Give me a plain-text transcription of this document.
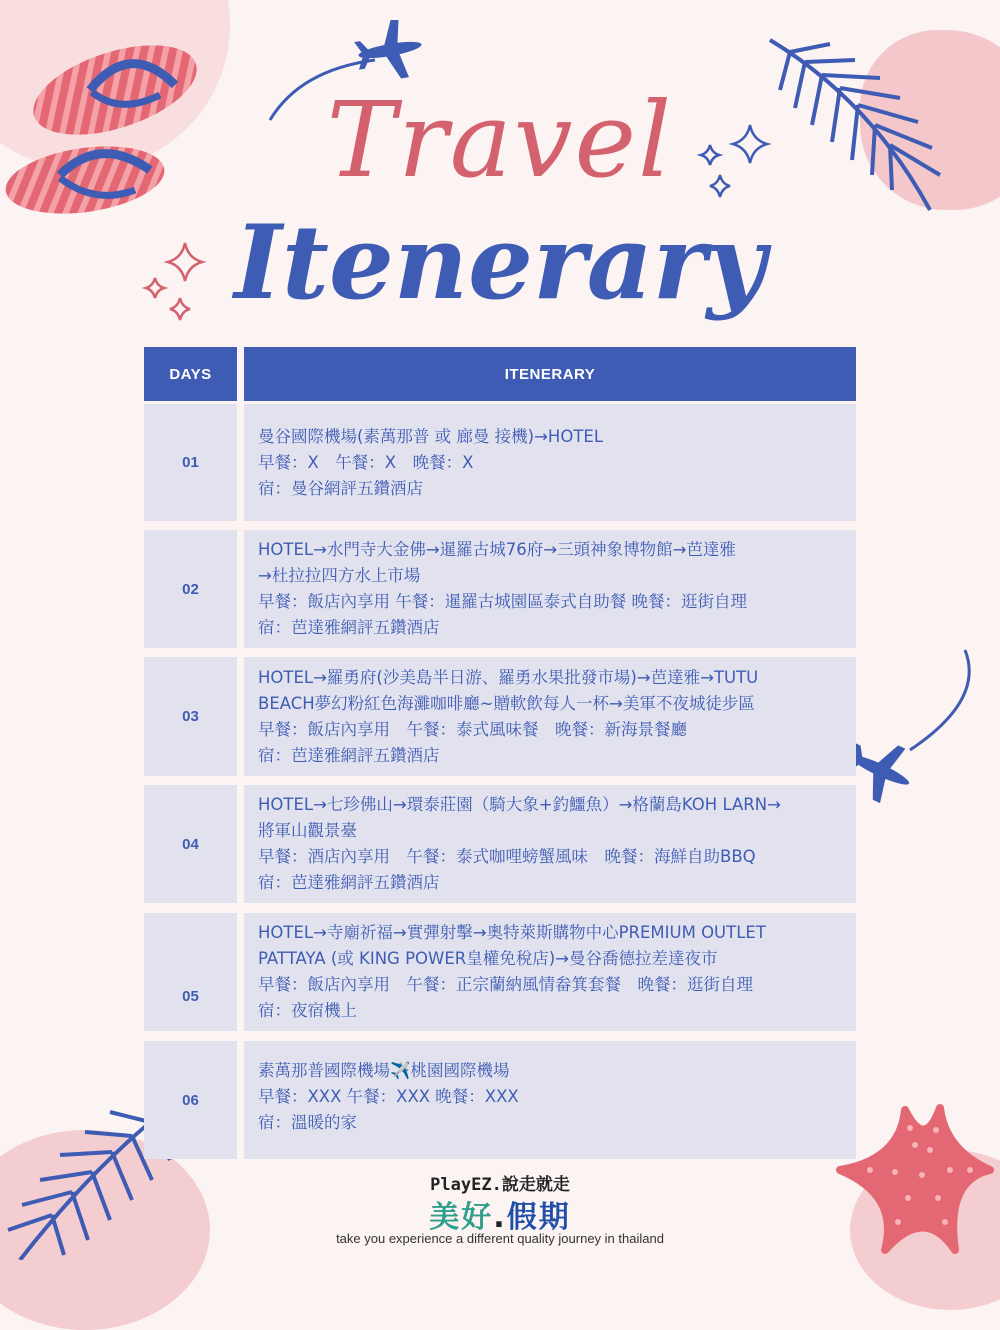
Travel
Itenerary
DAYS	ITENERARY
01
曼谷國際機場(素萬那普 或 廊曼 接機)→HOTEL
早餐：X　午餐：X　晚餐：X
宿：曼谷網評五鑽酒店
02
HOTEL→水門寺大金佛→暹羅古城76府→三頭神象博物館→芭達雅
→杜拉拉四方水上市場
早餐：飯店內享用 午餐：暹羅古城園區泰式自助餐 晚餐：逛街自理
宿：芭達雅網評五鑽酒店
03
HOTEL→羅勇府(沙美島半日游、羅勇水果批發市場)→芭達雅→TUTU
BEACH夢幻粉紅色海灘咖啡廳~贈軟飲每人一杯→美軍不夜城徒步區
早餐：飯店內享用　午餐：泰式風味餐　晚餐：新海景餐廳
宿：芭達雅網評五鑽酒店
04
HOTEL→七珍佛山→環泰莊園（騎大象+釣鱷魚）→格蘭島KOH LARN→
將軍山觀景臺
早餐：酒店內享用　午餐：泰式咖哩螃蟹風味　晚餐：海鮮自助BBQ
宿：芭達雅網評五鑽酒店
05
HOTEL→寺廟祈福→實彈射擊→奧特萊斯購物中心PREMIUM OUTLET
PATTAYA (或 KING POWER皇權免稅店)→曼谷喬德拉差達夜市
早餐：飯店內享用　午餐：正宗蘭納風情畚箕套餐　晚餐：逛街自理
宿：夜宿機上
06
素萬那普國際機場✈️桃園國際機場
早餐：XXX 午餐：XXX 晚餐：XXX
宿：溫暖的家
PlayEZ.說走就走
美好.假期
take you experience a different quality journey in thailand
